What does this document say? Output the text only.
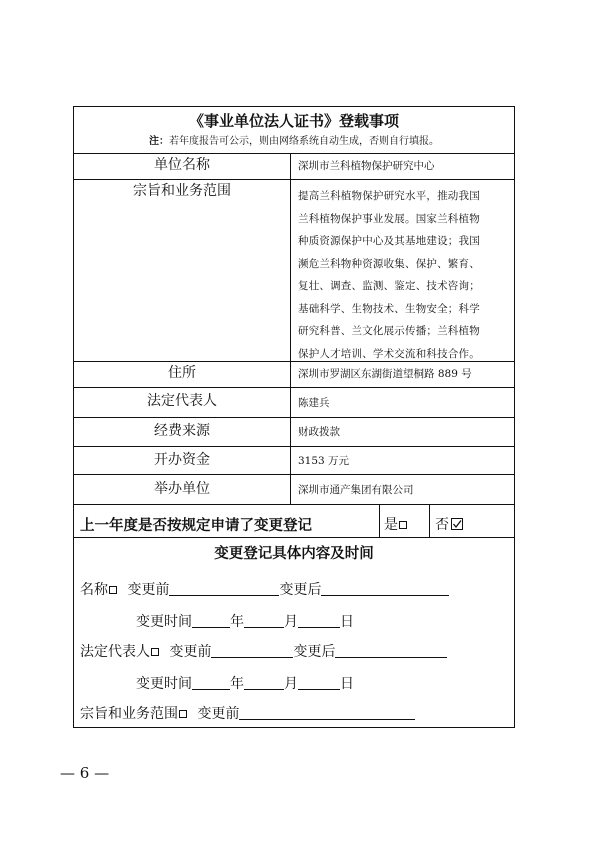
《事业单位法人证书》登载事项
注：若年度报告可公示，则由网络系统自动生成，否则自行填报。
单位名称	深圳市兰科植物保护研究中心
宗旨和业务范围	提高兰科植物保护研究水平，推动我国
兰科植物保护事业发展。国家兰科植物
种质资源保护中心及其基地建设；我国
濒危兰科物种资源收集、保护、繁育、
复壮、调查、监测、鉴定、技术咨询；
基础科学、生物技术、生物安全；科学
研究科普、兰文化展示传播；兰科植物
保护人才培训、学术交流和科技合作。
住所	深圳市罗湖区东湖街道望桐路 889 号
法定代表人	陈建兵
经费来源	财政拨款
开办资金	3153 万元
举办单位	深圳市通产集团有限公司
上一年度是否按规定申请了变更登记	是	否
变更登记具体内容及时间
名称 变更前	变更后
变更时间	年	月	日
法定代表人 变更前	变更后
变更时间	年	月	日
宗旨和业务范围 变更前
— 6 —
